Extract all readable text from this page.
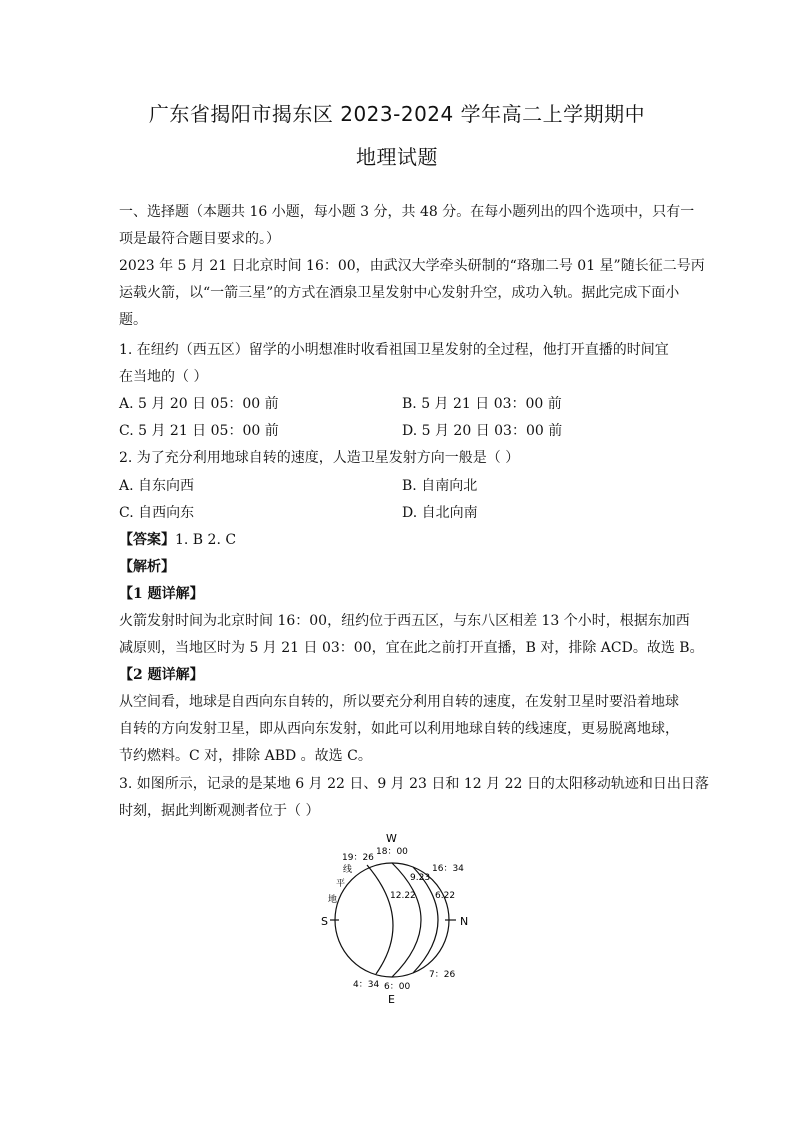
广东省揭阳市揭东区 2023-2024 学年高二上学期期中
地理试题
一、选择题（本题共 16 小题，每小题 3 分，共 48 分。在每小题列出的四个选项中，只有一
项是最符合题目要求的。）
2023 年 5 月 21 日北京时间 16：00，由武汉大学牵头研制的“珞珈二号 01 星”随长征二号丙
运载火箭，以“一箭三星”的方式在酒泉卫星发射中心发射升空，成功入轨。据此完成下面小
题。
1. 在纽约（西五区）留学的小明想准时收看祖国卫星发射的全过程，他打开直播的时间宜
在当地的（ ）
A. 5 月 20 日 05：00 前	B. 5 月 21 日 03：00 前
C. 5 月 21 日 05：00 前	D. 5 月 20 日 03：00 前
2. 为了充分利用地球自转的速度，人造卫星发射方向一般是（ ）
A. 自东向西	B. 自南向北
C. 自西向东	D. 自北向南
【答案】1. B 2. C
【解析】
【1 题详解】
火箭发射时间为北京时间 16：00，纽约位于西五区，与东八区相差 13 个小时，根据东加西
减原则，当地区时为 5 月 21 日 03：00，宜在此之前打开直播，B 对，排除 ACD。故选 B。
【2 题详解】
从空间看，地球是自西向东自转的，所以要充分利用自转的速度，在发射卫星时要沿着地球
自转的方向发射卫星，即从西向东发射，如此可以利用地球自转的线速度，更易脱离地球，
节约燃料。C 对，排除 ABD 。故选 C。
3. 如图所示，记录的是某地 6 月 22 日、9 月 23 日和 12 月 22 日的太阳移动轨迹和日出日落
时刻，据此判断观测者位于（ ）
W
S	N
E
18：00
19：26
16：34
9.23
6.22
12.22
4：34 6：00
7：26
线
平
地
